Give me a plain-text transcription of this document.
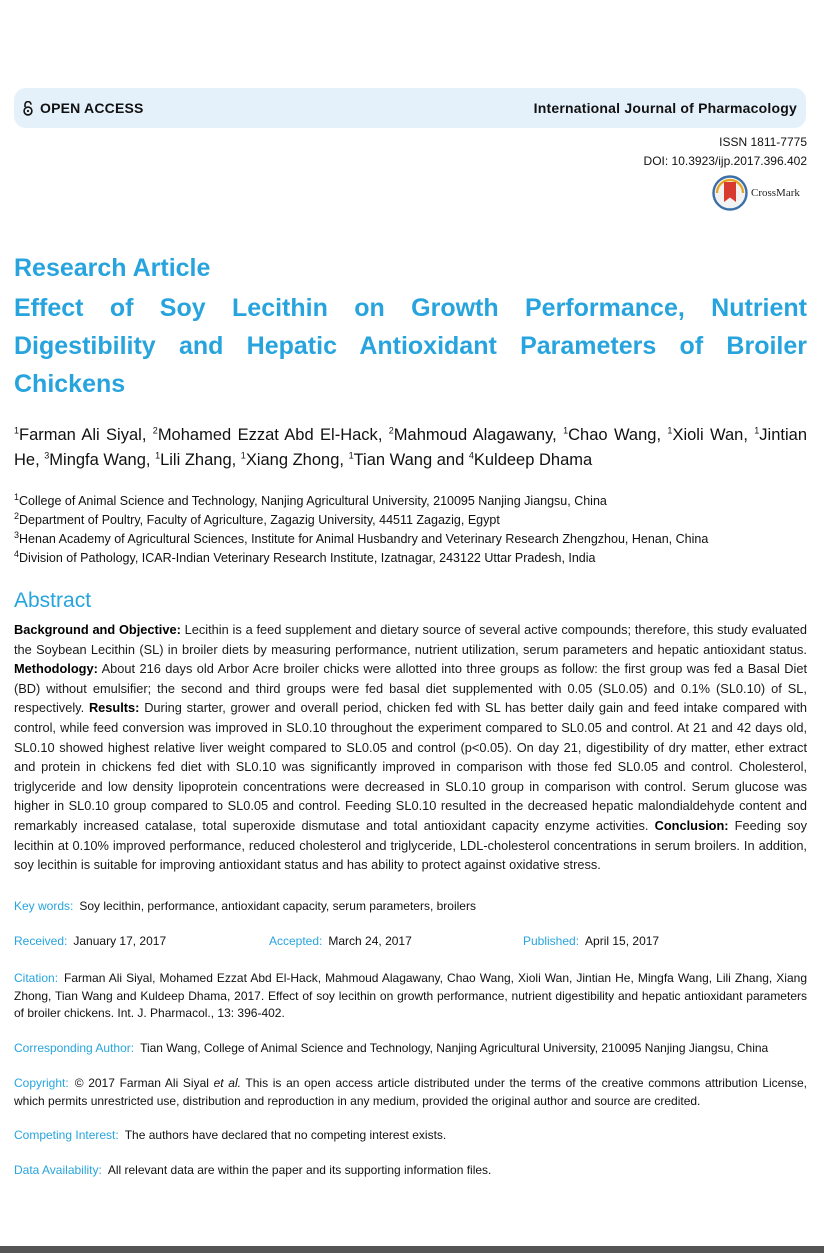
OPEN ACCESS	International Journal of Pharmacology
ISSN 1811-7775
DOI: 10.3923/ijp.2017.396.402
CrossMark
Research Article
Effect of Soy Lecithin on Growth Performance, Nutrient Digestibility and Hepatic Antioxidant Parameters of Broiler Chickens

$^1$Farman Ali Siyal, $^2$Mohamed Ezzat Abd El-Hack, $^2$Mahmoud Alagawany, $^1$Chao Wang, $^1$Xioli Wan, $^1$Jintian He, $^3$Mingfa Wang, $^1$Lili Zhang, $^1$Xiang Zhong, $^1$Tian Wang and $^4$Kuldeep Dhama

$^1$College of Animal Science and Technology, Nanjing Agricultural University, 210095 Nanjing Jiangsu, China

$^2$Department of Poultry, Faculty of Agriculture, Zagazig University, 44511 Zagazig, Egypt

$^3$Henan Academy of Agricultural Sciences, Institute for Animal Husbandry and Veterinary Research Zhengzhou, Henan, China

$^4$Division of Pathology, ICAR-Indian Veterinary Research Institute, Izatnagar, 243122 Uttar Pradesh, India

Abstract

Background and Objective: Lecithin is a feed supplement and dietary source of several active compounds; therefore, this study evaluated the Soybean Lecithin (SL) in broiler diets by measuring performance, nutrient utilization, serum parameters and hepatic antioxidant status. Methodology: About 216 days old Arbor Acre broiler chicks were allotted into three groups as follow: the first group was fed a Basal Diet (BD) without emulsifier; the second and third groups were fed basal diet supplemented with 0.05 (SL0.05) and 0.1% (SL0.10) of SL, respectively. Results: During starter, grower and overall period, chicken fed with SL has better daily gain and feed intake compared with control, while feed conversion was improved in SL0.10 throughout the experiment compared to SL0.05 and control. At 21 and 42 days old, SL0.10 showed highest relative liver weight compared to SL0.05 and control (p<0.05). On day 21, digestibility of dry matter, ether extract and protein in chickens fed diet with SL0.10 was significantly improved in comparison with those fed SL0.05 and control. Cholesterol, triglyceride and low density lipoprotein concentrations were decreased in SL0.10 group in comparison with control. Serum glucose was higher in SL0.10 group compared to SL0.05 and control. Feeding SL0.10 resulted in the decreased hepatic malondialdehyde content and remarkably increased catalase, total superoxide dismutase and total antioxidant capacity enzyme activities. Conclusion: Feeding soy lecithin at 0.10% improved performance, reduced cholesterol and triglyceride, LDL-cholesterol concentrations in serum broilers. In addition, soy lecithin is suitable for improving antioxidant status and has ability to protect against oxidative stress.

Key words: Soy lecithin, performance, antioxidant capacity, serum parameters, broilers
Received: January 17, 2017	Accepted: March 24, 2017	Published: April 15, 2017

Citation: Farman Ali Siyal, Mohamed Ezzat Abd El-Hack, Mahmoud Alagawany, Chao Wang, Xioli Wan, Jintian He, Mingfa Wang, Lili Zhang, Xiang Zhong, Tian Wang and Kuldeep Dhama, 2017. Effect of soy lecithin on growth performance, nutrient digestibility and hepatic antioxidant parameters of broiler chickens. Int. J. Pharmacol., 13: 396-402.

Corresponding Author: Tian Wang, College of Animal Science and Technology, Nanjing Agricultural University, 210095 Nanjing Jiangsu, China

Copyright: © 2017 Farman Ali Siyal et al. This is an open access article distributed under the terms of the creative commons attribution License, which permits unrestricted use, distribution and reproduction in any medium, provided the original author and source are credited.

Competing Interest: The authors have declared that no competing interest exists.

Data Availability: All relevant data are within the paper and its supporting information files.
